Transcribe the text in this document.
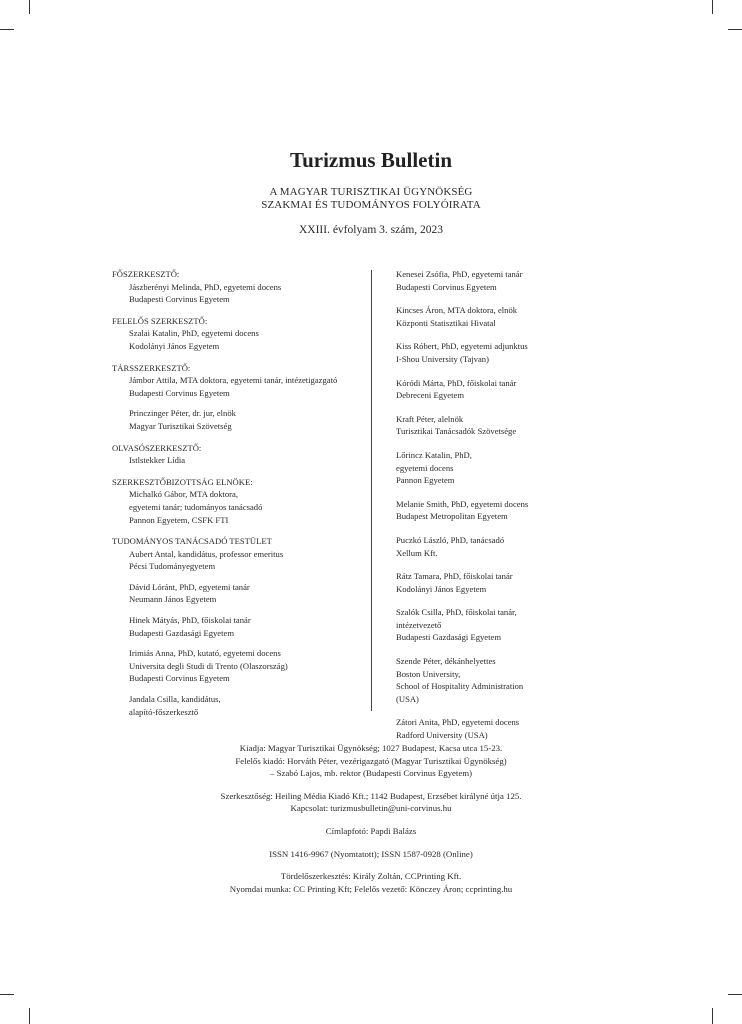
Turizmus Bulletin
A MAGYAR TURISZTIKAI ÜGYNÖKSÉG
SZAKMAI ÉS TUDOMÁNYOS FOLYÓIRATA
XXIII. évfolyam 3. szám, 2023
FŐSZERKESZTŐ:
Jászberényi Melinda, PhD, egyetemi docens
Budapesti Corvinus Egyetem
FELELŐS SZERKESZTŐ:
Szalai Katalin, PhD, egyetemi docens
Kodolányi János Egyetem
TÁRSSZERKESZTŐ:
Jámbor Attila, MTA doktora, egyetemi tanár, intézetigazgató
Budapesti Corvinus Egyetem
Princzinger Péter, dr. jur, elnök
Magyar Turisztikai Szövetség
OLVASÓSZERKESZTŐ:
Istlstekker Lídia
SZERKESZTŐBIZOTTSÁG ELNÖKE:
Michalkó Gábor, MTA doktora,
egyetemi tanár; tudományos tanácsadó
Pannon Egyetem, CSFK FTI
TUDOMÁNYOS TANÁCSADÓ TESTÜLET
Aubert Antal, kandidátus, professor emeritus
Pécsi Tudományegyetem
Dávid Lóránt, PhD, egyetemi tanár
Neumann János Egyetem
Hinek Mátyás, PhD, főiskolai tanár
Budapesti Gazdasági Egyetem
Irimiás Anna, PhD, kutató, egyetemi docens
Universita degli Studi di Trento (Olaszország)
Budapesti Corvinus Egyetem
Jandala Csilla, kandidátus,
alapító-főszerkesztő
Kenesei Zsófia, PhD, egyetemi tanár
Budapesti Corvinus Egyetem
Kincses Áron, MTA doktora, elnök
Központi Statisztikai Hivatal
Kiss Róbert, PhD, egyetemi adjunktus
I-Shou University (Tajvan)
Kóródi Márta, PhD, főiskolai tanár
Debreceni Egyetem
Kraft Péter, alelnök
Turisztikai Tanácsadók Szövetsége
Lőrincz Katalin, PhD,
egyetemi docens
Pannon Egyetem
Melanie Smith, PhD, egyetemi docens
Budapest Metropolitan Egyetem
Puczkó László, PhD, tanácsadó
Xellum Kft.
Rátz Tamara, PhD, főiskolai tanár
Kodolányi János Egyetem
Szalók Csilla, PhD, főiskolai tanár,
intézetvezető
Budapesti Gazdasági Egyetem
Szende Péter, dékánhelyettes
Boston University,
School of Hospitality Administration
(USA)
Zátori Anita, PhD, egyetemi docens
Radford University (USA)
Kiadja: Magyar Turisztikai Ügynökség; 1027 Budapest, Kacsa utca 15-23.
Felelős kiadó: Horváth Péter, vezérigazgató (Magyar Turisztikai Ügynökség)
– Szabó Lajos, mb. rektor (Budapesti Corvinus Egyetem)
Szerkesztőség: Heiling Média Kiadó Kft.; 1142 Budapest, Erzsébet királyné útja 125.
Kapcsolat: turizmusbulletin@uni-corvinus.hu
Címlapfotó: Papdi Balázs
ISSN 1416-9967 (Nyomtatott); ISSN 1587-0928 (Online)
Tördelőszerkesztés: Király Zoltán, CCPrinting Kft.
Nyomdai munka: CC Printing Kft; Felelős vezető: Könczey Áron; ccprinting.hu
